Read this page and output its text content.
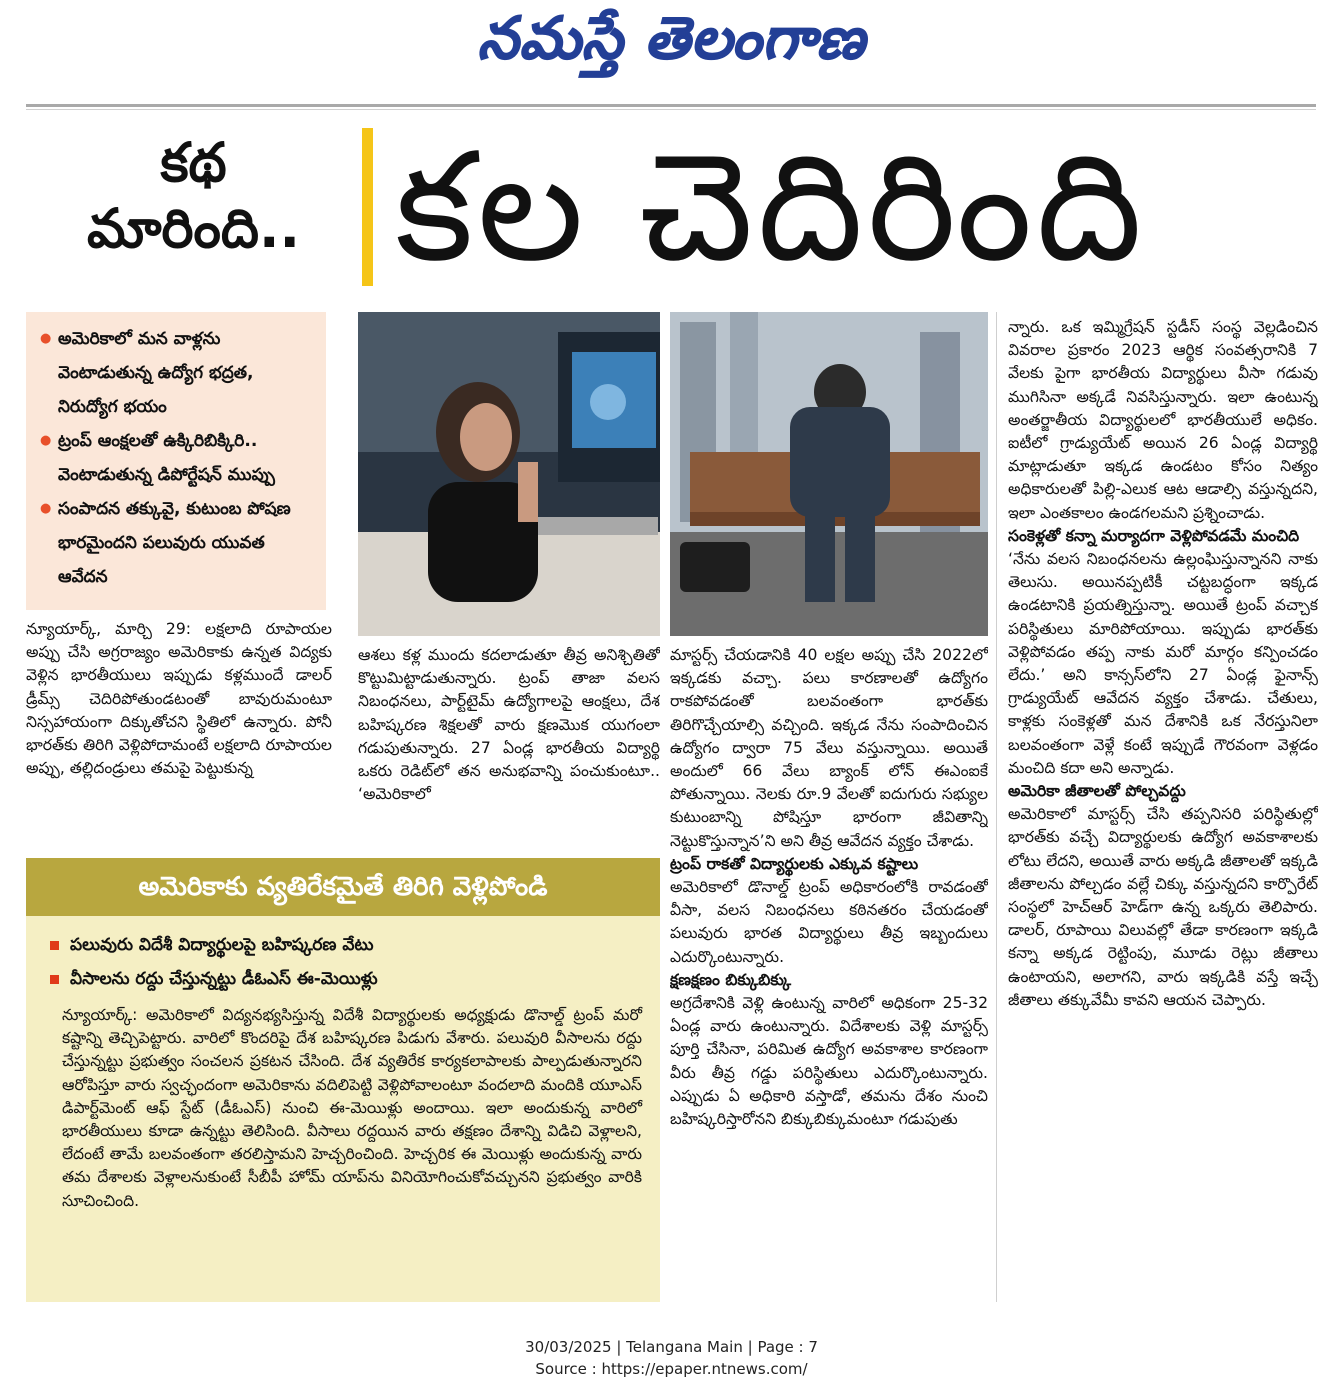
నమస్తే తెలంగాణ
కథ
మారింది.. కల చెదిరింది
● అమెరికాలో మన వాళ్లను వెంటాడుతున్న ఉద్యోగ భద్రత, నిరుద్యోగ భయం
● ట్రంప్ ఆంక్షలతో ఉక్కిరిబిక్కిరి.. వెంటాడుతున్న డిపోర్టేషన్ ముప్పు
● సంపాదన తక్కువై, కుటుంబ పోషణ భారమైందని పలువురు యువత ఆవేదన

న్యూయార్క్, మార్చి 29: లక్షలాది రూపాయల అప్పు చేసి అగ్రరాజ్యం అమెరికాకు ఉన్నత విద్యకు వెళ్లిన భారతీయులు ఇప్పుడు కళ్లముందే డాలర్ డ్రీమ్స్ చెదిరిపోతుండటంతో బావురుమంటూ నిస్సహాయంగా దిక్కుతోచని స్థితిలో ఉన్నారు. పోనీ భారత్‌కు తిరిగి వెళ్లిపోదామంటే లక్షలాది రూపాయల అప్పు, తల్లిదండ్రులు తమపై పెట్టుకున్న

ఆశలు కళ్ల ముందు కదలాడుతూ తీవ్ర అనిశ్చితితో కొట్టుమిట్టాడుతున్నారు. ట్రంప్ తాజా వలస నిబంధనలు, పార్ట్‌టైమ్ ఉద్యోగాలపై ఆంక్షలు, దేశ బహిష్కరణ శిక్షలతో వారు క్షణమొక యుగంలా గడుపుతున్నారు. 27 ఏండ్ల భారతీయ విద్యార్థి ఒకరు రెడిట్‌లో తన అనుభవాన్ని పంచుకుంటూ.. ‘అమెరికాలో

మాస్టర్స్ చేయడానికి 40 లక్షల అప్పు చేసి 2022లో ఇక్కడకు వచ్చా. పలు కారణాలతో ఉద్యోగం రాకపోవడంతో బలవంతంగా భారత్‌కు తిరిగొచ్చేయాల్సి వచ్చింది. ఇక్కడ నేను సంపాదించిన ఉద్యోగం ద్వారా 75 వేలు వస్తున్నాయి. అయితే అందులో 66 వేలు బ్యాంక్ లోన్ ఈఎంఐకే పోతున్నాయి. నెలకు రూ.9 వేలతో ఐదుగురు సభ్యుల కుటుంబాన్ని పోషిస్తూ భారంగా జీవితాన్ని నెట్టుకొస్తున్నాన’ని అని తీవ్ర ఆవేదన వ్యక్తం చేశాడు.

ట్రంప్ రాకతో విద్యార్థులకు ఎక్కువ కష్టాలు

అమెరికాలో డొనాల్డ్ ట్రంప్ అధికారంలోకి రావడంతో వీసా, వలస నిబంధనలు కఠినతరం చేయడంతో పలువురు భారత విద్యార్థులు తీవ్ర ఇబ్బందులు ఎదుర్కొంటున్నారు.

క్షణక్షణం బిక్కుబిక్కు

అగ్రదేశానికి వెళ్లి ఉంటున్న వారిలో అధికంగా 25-32 ఏండ్ల వారు ఉంటున్నారు. విదేశాలకు వెళ్లి మాస్టర్స్ పూర్తి చేసినా, పరిమిత ఉద్యోగ అవకాశాల కారణంగా వీరు తీవ్ర గడ్డు పరిస్థితులు ఎదుర్కొంటున్నారు. ఎప్పుడు ఏ అధికారి వస్తాడో, తమను దేశం నుంచి బహిష్కరిస్తారోనని బిక్కుబిక్కుమంటూ గడుపుతు

న్నారు. ఒక ఇమ్మిగ్రేషన్ స్టడీస్ సంస్థ వెల్లడించిన వివరాల ప్రకారం 2023 ఆర్థిక సంవత్సరానికి 7 వేలకు పైగా భారతీయ విద్యార్థులు వీసా గడువు ముగిసినా అక్కడే నివసిస్తున్నారు. ఇలా ఉంటున్న అంతర్జాతీయ విద్యార్థులలో భారతీయులే అధికం. ఐటీలో గ్రాడ్యుయేట్ అయిన 26 ఏండ్ల విద్యార్థి మాట్లాడుతూ ఇక్కడ ఉండటం కోసం నిత్యం అధికారులతో పిల్లి-ఎలుక ఆట ఆడాల్సి వస్తున్నదని, ఇలా ఎంతకాలం ఉండగలమని ప్రశ్నించాడు.

సంకెళ్లతో కన్నా మర్యాదగా వెళ్లిపోవడమే మంచిది

‘నేను వలస నిబంధనలను ఉల్లంఘిస్తున్నానని నాకు తెలుసు. అయినప్పటికీ చట్టబద్ధంగా ఇక్కడ ఉండటానికి ప్రయత్నిస్తున్నా. అయితే ట్రంప్ వచ్చాక పరిస్థితులు మారిపోయాయి. ఇప్పుడు భారత్‌కు వెళ్లిపోవడం తప్ప నాకు మరో మార్గం కన్పించడం లేదు.’ అని కాన్సస్‌లోని 27 ఏండ్ల ఫైనాన్స్ గ్రాడ్యుయేట్ ఆవేదన వ్యక్తం చేశాడు. చేతులు, కాళ్లకు సంకెళ్లతో మన దేశానికి ఒక నేరస్తునిలా బలవంతంగా వెళ్లే కంటే ఇప్పుడే గౌరవంగా వెళ్లడం మంచిది కదా అని అన్నాడు.

అమెరికా జీతాలతో పోల్చవద్దు

అమెరికాలో మాస్టర్స్ చేసి తప్పనిసరి పరిస్థితుల్లో భారత్‌కు వచ్చే విద్యార్థులకు ఉద్యోగ అవకాశాలకు లోటు లేదని, అయితే వారు అక్కడి జీతాలతో ఇక్కడి జీతాలను పోల్చడం వల్లే చిక్కు వస్తున్నదని కార్పొరేట్ సంస్థలో హెచ్‌ఆర్ హెడ్‌గా ఉన్న ఒక్కరు తెలిపారు. డాలర్, రూపాయి విలువల్లో తేడా కారణంగా ఇక్కడి కన్నా అక్కడ రెట్టింపు, మూడు రెట్లు జీతాలు ఉంటాయని, అలాగని, వారు ఇక్కడికి వస్తే ఇచ్చే జీతాలు తక్కువేమీ కావని ఆయన చెప్పారు.

అమెరికాకు వ్యతిరేకమైతే తిరిగి వెళ్లిపోండి
పలువురు విదేశీ విద్యార్థులపై బహిష్కరణ వేటు
వీసాలను రద్దు చేస్తున్నట్టు డీఓఎస్ ఈ-మెయిళ్లు

న్యూయార్క్: అమెరికాలో విద్యనభ్యసిస్తున్న విదేశీ విద్యార్థులకు అధ్యక్షుడు డొనాల్డ్ ట్రంప్ మరో కష్టాన్ని తెచ్చిపెట్టారు. వారిలో కొందరిపై దేశ బహిష్కరణ పిడుగు వేశారు. పలువురి వీసాలను రద్దు చేస్తున్నట్టు ప్రభుత్వం సంచలన ప్రకటన చేసింది. దేశ వ్యతిరేక కార్యకలాపాలకు పాల్పడుతున్నారని ఆరోపిస్తూ వారు స్వచ్ఛందంగా అమెరికాను వదిలిపెట్టి వెళ్లిపోవాలంటూ వందలాది మందికి యూఎస్ డిపార్ట్‌మెంట్ ఆఫ్ స్టేట్ (డీఓఎస్) నుంచి ఈ-మెయిళ్లు అందాయి. ఇలా అందుకున్న వారిలో భారతీయులు కూడా ఉన్నట్టు తెలిసింది. వీసాలు రద్దయిన వారు తక్షణం దేశాన్ని విడిచి వెళ్లాలని, లేదంటే తామే బలవంతంగా తరలిస్తామని హెచ్చరించింది. హెచ్చరిక ఈ మెయిళ్లు అందుకున్న వారు తమ దేశాలకు వెళ్లాలనుకుంటే సీబీపీ హోమ్ యాప్‌ను వినియోగించుకోవచ్చునని ప్రభుత్వం వారికి సూచించింది.

30/03/2025 | Telangana Main | Page : 7
Source : https://epaper.ntnews.com/
